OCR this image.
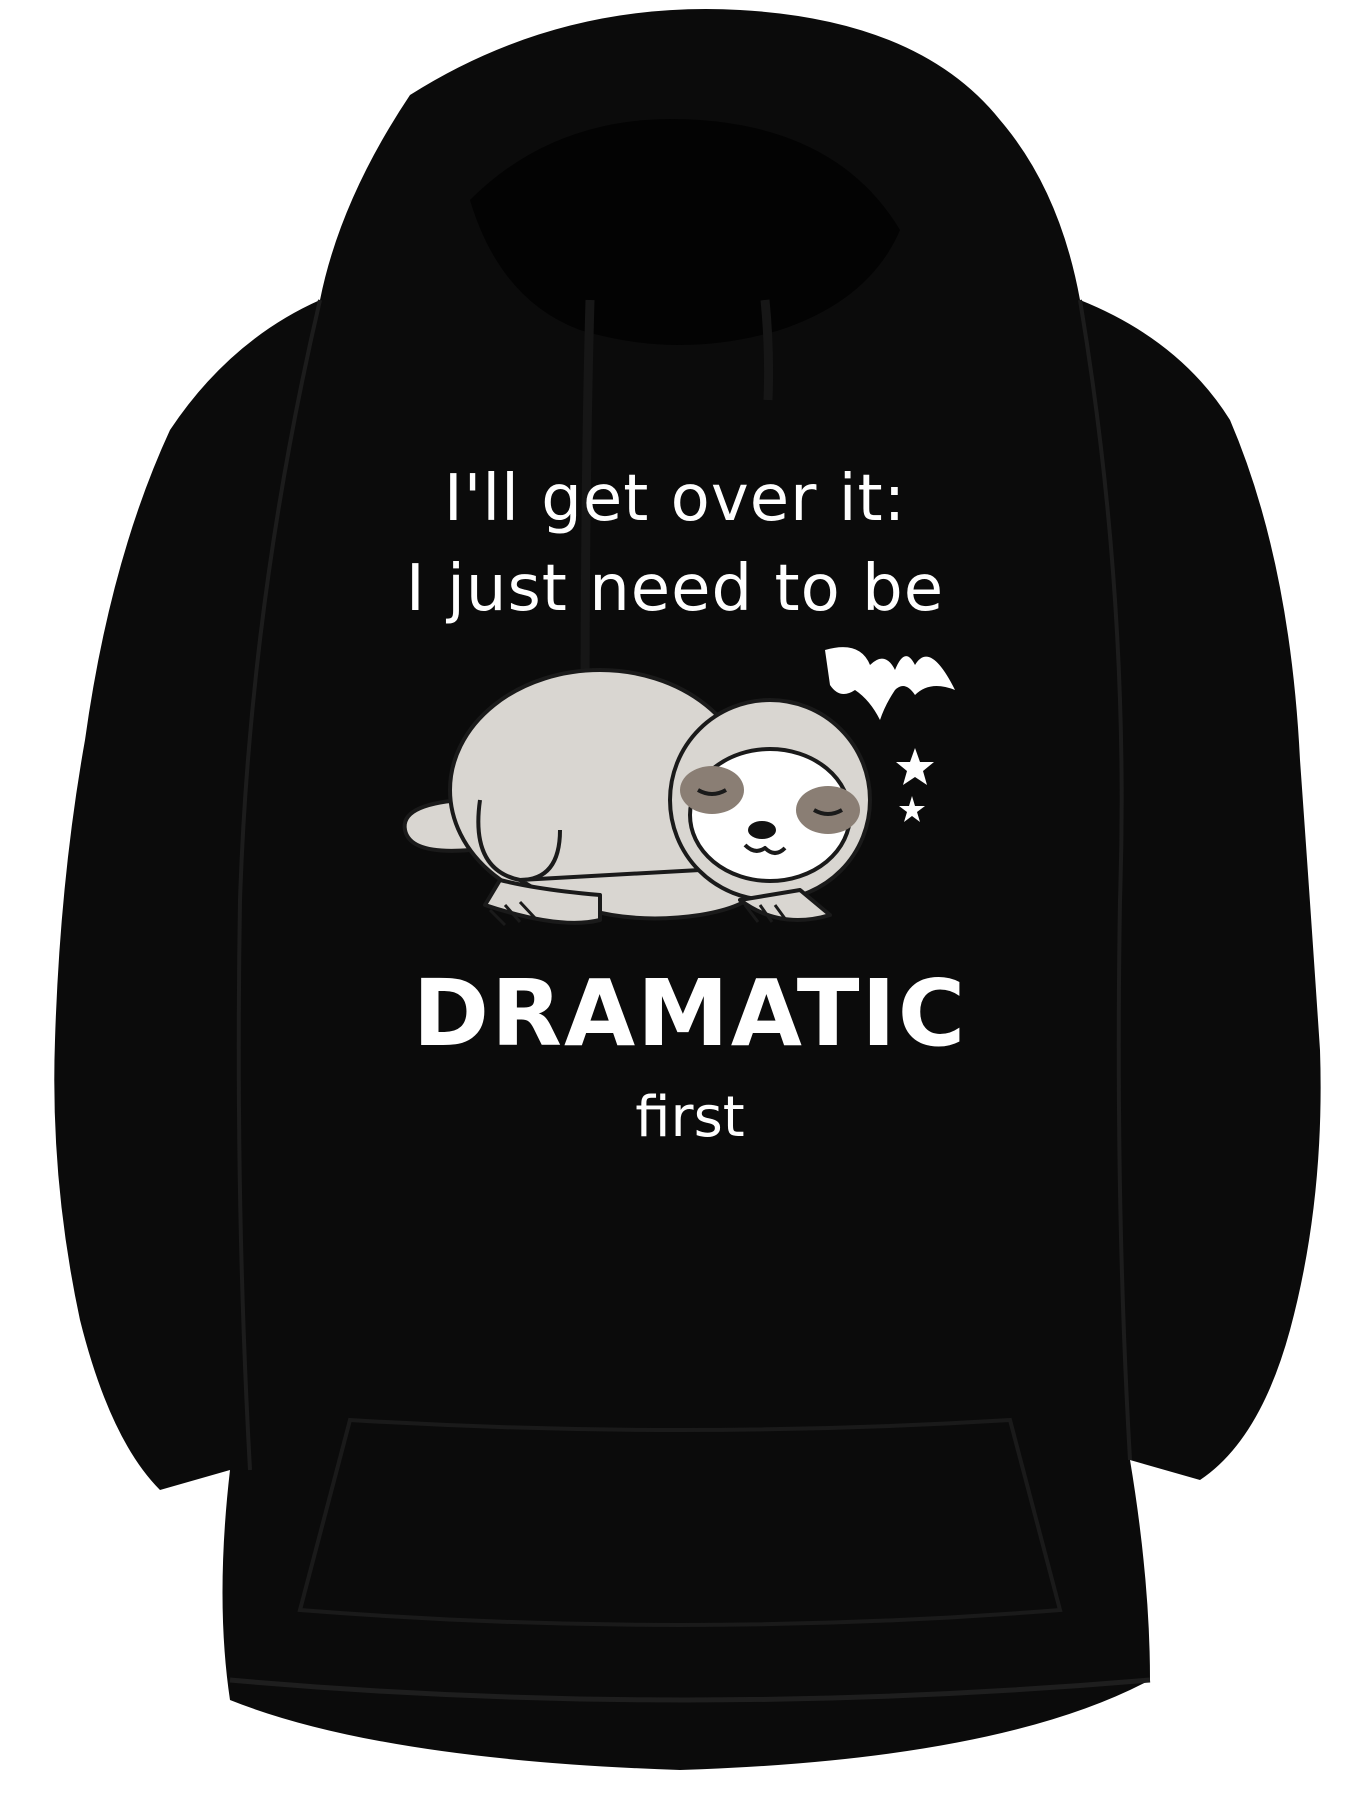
I'll get over it:
I just need to be
DRAMATIC
first
